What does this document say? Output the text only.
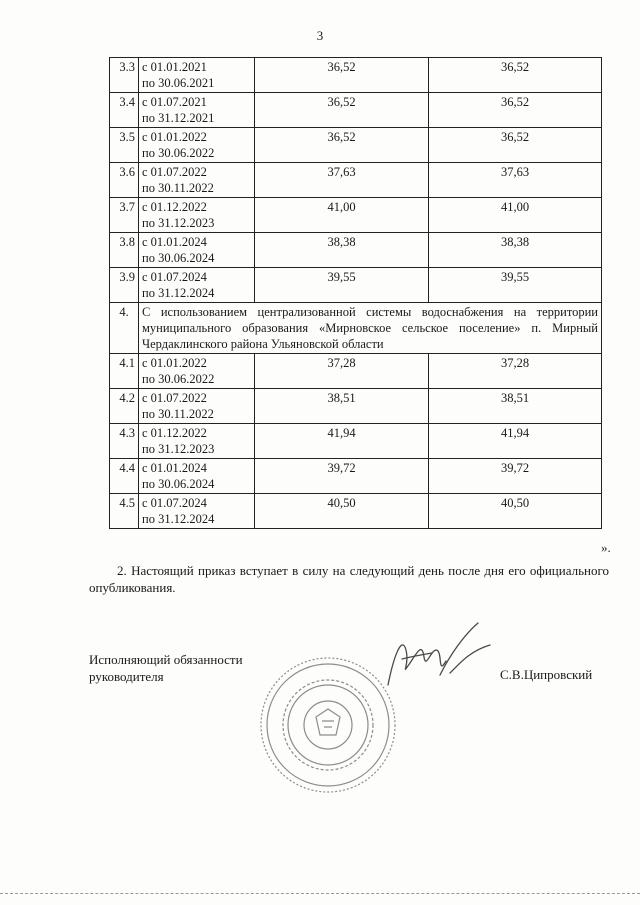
3
3.3	с 01.01.2021
по 30.06.2021	36,52	36,52

3.4	с 01.07.2021
по 31.12.2021	36,52	36,52

3.5	с 01.01.2022
по 30.06.2022	36,52	36,52

3.6	с 01.07.2022
по 30.11.2022	37,63	37,63

3.7	с 01.12.2022
по 31.12.2023	41,00	41,00

3.8	с 01.01.2024
по 30.06.2024	38,38	38,38

3.9	с 01.07.2024
по 31.12.2024	39,55	39,55

4.	С использованием централизованной системы водоснабжения на территории муниципального образования «Мирновское сельское поселение» п. Мирный Чердаклинского района Ульяновской области		

4.1	с 01.01.2022
по 30.06.2022	37,28	37,28

4.2	с 01.07.2022
по 30.11.2022	38,51	38,51

4.3	с 01.12.2022
по 31.12.2023	41,94	41,94

4.4	с 01.01.2024
по 30.06.2024	39,72	39,72

4.5	с 01.07.2024
по 31.12.2024	40,50	40,50
».
2. Настоящий приказ вступает в силу на следующий день после дня его официального опубликования.
Исполняющий обязанности
руководителя	С.В.Ципровский
